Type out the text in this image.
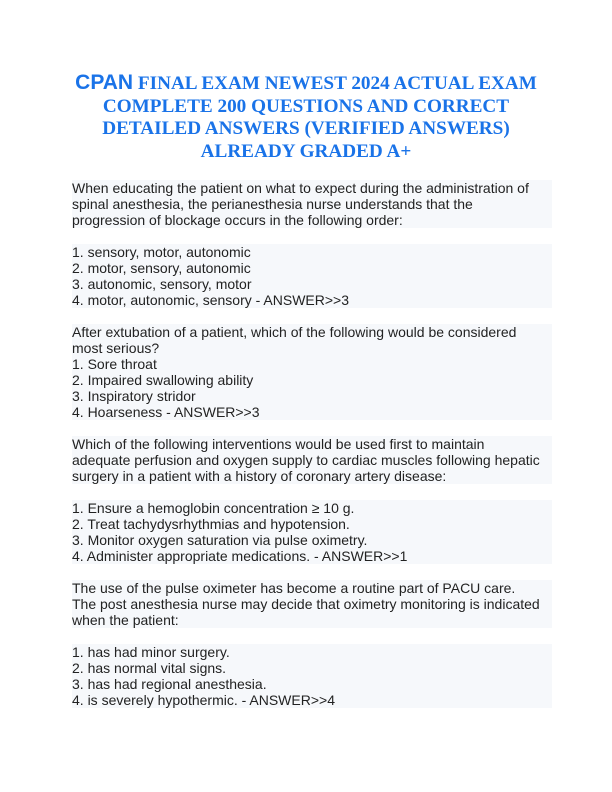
CPAN FINAL EXAM NEWEST 2024 ACTUAL EXAM
COMPLETE 200 QUESTIONS AND CORRECT
DETAILED ANSWERS (VERIFIED ANSWERS)
ALREADY GRADED A+
When educating the patient on what to expect during the administration of
spinal anesthesia, the perianesthesia nurse understands that the
progression of blockage occurs in the following order:
1. sensory, motor, autonomic
2. motor, sensory, autonomic
3. autonomic, sensory, motor
4. motor, autonomic, sensory - ANSWER>>3
After extubation of a patient, which of the following would be considered
most serious?
1. Sore throat
2. Impaired swallowing ability
3. Inspiratory stridor
4. Hoarseness - ANSWER>>3
Which of the following interventions would be used first to maintain
adequate perfusion and oxygen supply to cardiac muscles following hepatic
surgery in a patient with a history of coronary artery disease:
1. Ensure a hemoglobin concentration ≥ 10 g.
2. Treat tachydysrhythmias and hypotension.
3. Monitor oxygen saturation via pulse oximetry.
4. Administer appropriate medications. - ANSWER>>1
The use of the pulse oximeter has become a routine part of PACU care.
The post anesthesia nurse may decide that oximetry monitoring is indicated
when the patient:
1. has had minor surgery.
2. has normal vital signs.
3. has had regional anesthesia.
4. is severely hypothermic. - ANSWER>>4
